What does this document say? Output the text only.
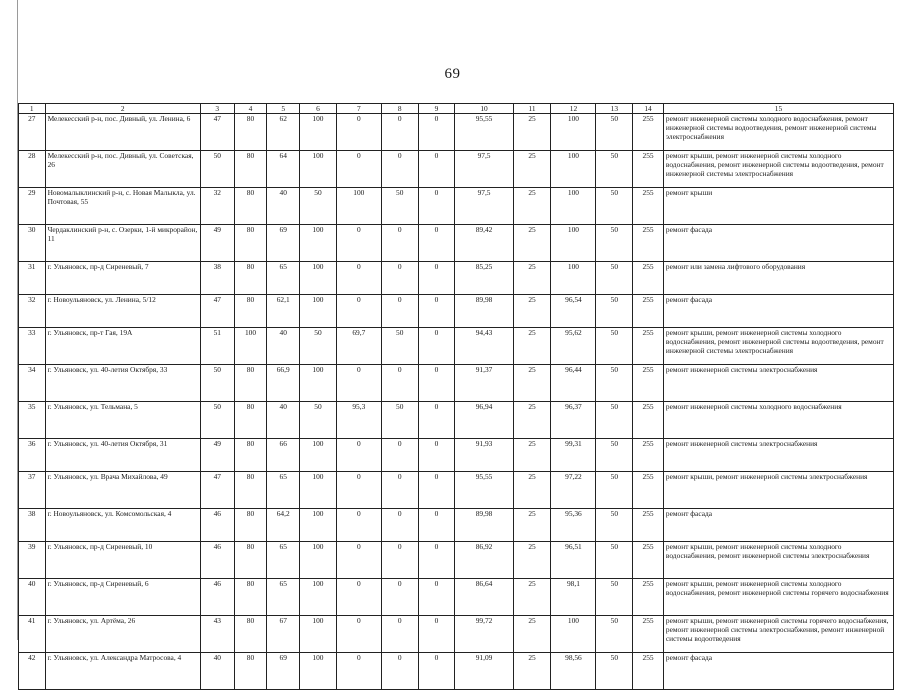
69
1	2	3	4	5	6	7	8	9	10	11	12	13	14	15
27	Мелекесский р-н, пос. Дивный, ул. Ленина, 6	47	80	62	100	0	0	0	95,55	25	100	50	255	ремонт инженерной системы холодного водоснабжения, ремонт инженерной системы водоотведения, ремонт инженерной системы электроснабжения
28	Мелекесский р-н, пос. Дивный, ул. Советская, 26	50	80	64	100	0	0	0	97,5	25	100	50	255	ремонт крыши, ремонт инженерной системы холодного водоснабжения, ремонт инженерной системы водоотведения, ремонт инженерной системы электроснабжения
29	Новомалыклинский р-н, с. Новая Малыкла, ул. Почтовая, 55	32	80	40	50	100	50	0	97,5	25	100	50	255	ремонт крыши
30	Чердаклинский р-н, с. Озерки, 1-й микрорайон, 11	49	80	69	100	0	0	0	89,42	25	100	50	255	ремонт фасада
31	г. Ульяновск, пр-д Сиреневый, 7	38	80	65	100	0	0	0	85,25	25	100	50	255	ремонт или замена лифтового оборудования
32	г. Новоульяновск, ул. Ленина, 5/12	47	80	62,1	100	0	0	0	89,98	25	96,54	50	255	ремонт фасада
33	г. Ульяновск, пр-т Гая, 19А	51	100	40	50	69,7	50	0	94,43	25	95,62	50	255	ремонт крыши, ремонт инженерной системы холодного водоснабжения, ремонт инженерной системы водоотведения, ремонт инженерной системы электроснабжения
34	г. Ульяновск, ул. 40-летия Октября, 33	50	80	66,9	100	0	0	0	91,37	25	96,44	50	255	ремонт инженерной системы электроснабжения
35	г. Ульяновск, ул. Тельмана, 5	50	80	40	50	95,3	50	0	96,94	25	96,37	50	255	ремонт инженерной системы холодного водоснабжения
36	г. Ульяновск, ул. 40-летия Октября, 31	49	80	66	100	0	0	0	91,93	25	99,31	50	255	ремонт инженерной системы электроснабжения
37	г. Ульяновск, ул. Врача Михайлова, 49	47	80	65	100	0	0	0	95,55	25	97,22	50	255	ремонт крыши, ремонт инженерной системы электроснабжения
38	г. Новоульяновск, ул. Комсомольская, 4	46	80	64,2	100	0	0	0	89,98	25	95,36	50	255	ремонт фасада
39	г. Ульяновск, пр-д Сиреневый, 10	46	80	65	100	0	0	0	86,92	25	96,51	50	255	ремонт крыши, ремонт инженерной системы холодного водоснабжения, ремонт инженерной системы электроснабжения
40	г. Ульяновск, пр-д Сиреневый, 6	46	80	65	100	0	0	0	86,64	25	98,1	50	255	ремонт крыши, ремонт инженерной системы холодного водоснабжения, ремонт инженерной системы горячего водоснабжения
41	г. Ульяновск, ул. Артёма, 26	43	80	67	100	0	0	0	99,72	25	100	50	255	ремонт крыши, ремонт инженерной системы горячего водоснабжения, ремонт инженерной системы электроснабжения, ремонт инженерной системы водоотведения
42	г. Ульяновск, ул. Александра Матросова, 4	40	80	69	100	0	0	0	91,09	25	98,56	50	255	ремонт фасада
